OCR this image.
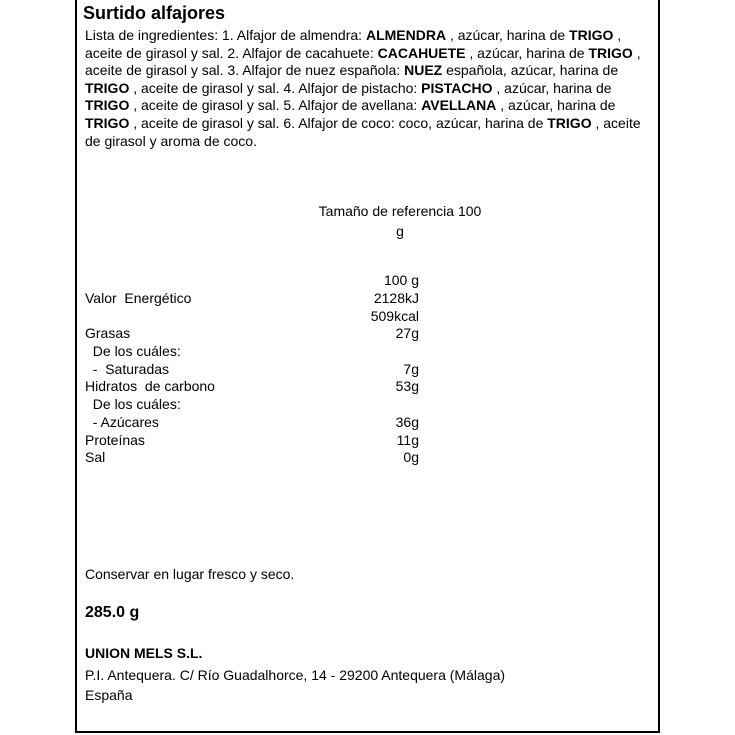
Surtido alfajores
Lista de ingredientes: 1. Alfajor de almendra: ALMENDRA , azúcar, harina de TRIGO , aceite de girasol y sal. 2. Alfajor de cacahuete: CACAHUETE , azúcar, harina de TRIGO , aceite de girasol y sal. 3. Alfajor de nuez española: NUEZ española, azúcar, harina de TRIGO , aceite de girasol y sal. 4. Alfajor de pistacho: PISTACHO , azúcar, harina de TRIGO , aceite de girasol y sal. 5. Alfajor de avellana: AVELLANA , azúcar, harina de TRIGO , aceite de girasol y sal. 6. Alfajor de coco: coco, azúcar, harina de TRIGO , aceite de girasol y aroma de coco.
Tamaño de referencia 100
g
100 g
Valor  Energético	2128kJ
509kcal
Grasas	27g
De los cuáles:
-  Saturadas	7g
Hidratos  de carbono	53g
De los cuáles:
- Azúcares	36g
Proteínas	11g
Sal	0g
Conservar en lugar fresco y seco.
285.0 g
UNION MELS S.L.
P.I. Antequera. C/ Río Guadalhorce, 14 - 29200 Antequera (Málaga)
España
